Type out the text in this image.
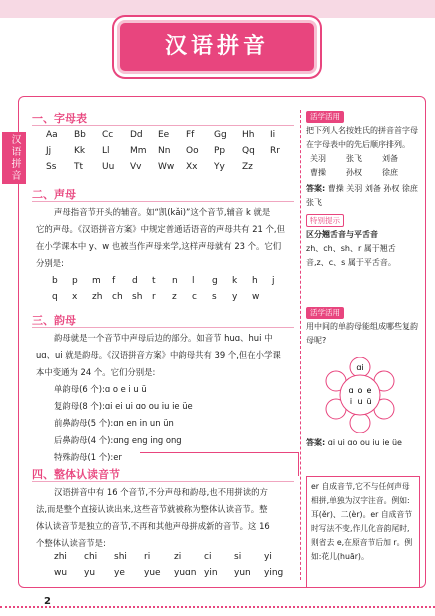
汉语拼音
汉语拼音
一、字母表
Aa	Bb	Cc	Dd	Ee	Ff	Gg	Hh	Ii
Jj	Kk	Ll	Mm	Nn	Oo	Pp	Qq	Rr
Ss	Tt	Uu	Vv	Ww	Xx	Yy	Zz
二、声母
声母指音节开头的辅音。如“凯(kǎi)”这个音节,辅音 k 就是
它的声母。《汉语拼音方案》中规定普通话语音的声母共有 21 个,但
在小学课本中 y、w 也被当作声母来学,这样声母就有 23 个。它们
分别是:
b	p	m	f	d	t	n	l	g	k	h	j
q	x	zh	ch	sh	r	z	c	s	y	w
三、韵母
韵母就是一个音节中声母后边的部分。如音节 huɑ、hui 中
uɑ、ui 就是韵母。《汉语拼音方案》中韵母共有 39 个,但在小学课
本中变通为 24 个。它们分别是:
单韵母(6 个):ɑ o e i u ü
复韵母(8 个):ɑi ei ui ɑo ou iu ie üe
前鼻韵母(5 个):ɑn en in un ün
后鼻韵母(4 个):ɑng eng ing ong
特殊韵母(1 个):er
四、整体认读音节
汉语拼音中有 16 个音节,不分声母和韵母,也不用拼读的方
法,而是整个直接认读出来,这些音节就被称为整体认读音节。整
体认读音节是独立的音节,不再和其他声母拼成新的音节。这 16
个整体认读音节是:
zhi	chi	shi	ri	zi	ci	si	yi
wu	yu	ye	yue	yuɑn yin	yun	ying
活学活用
把下列人名按姓氏的拼音首字母在字母表中的先后顺序排列。
关羽	张飞	刘备
曹操	孙权	徐庶
答案: 曹操 关羽 刘备 孙权 徐庶 张飞
特别提示
区分翘舌音与平舌音
zh、ch、sh、r 属于翘舌音,z、c、s 属于平舌音。
活学活用
用中间的单韵母能组成哪些复韵母呢?
ɑi
ɑ o e
i u ü
答案: ɑi ui ɑo ou iu ie üe
er 自成音节,它不与任何声母相拼,单独为汉字注音。例如:耳(ěr)、二(èr)。er 自成音节时写法不变,作儿化音韵尾时,则省去 e,在原音节后加 r。例如:花儿(huār)。
2
